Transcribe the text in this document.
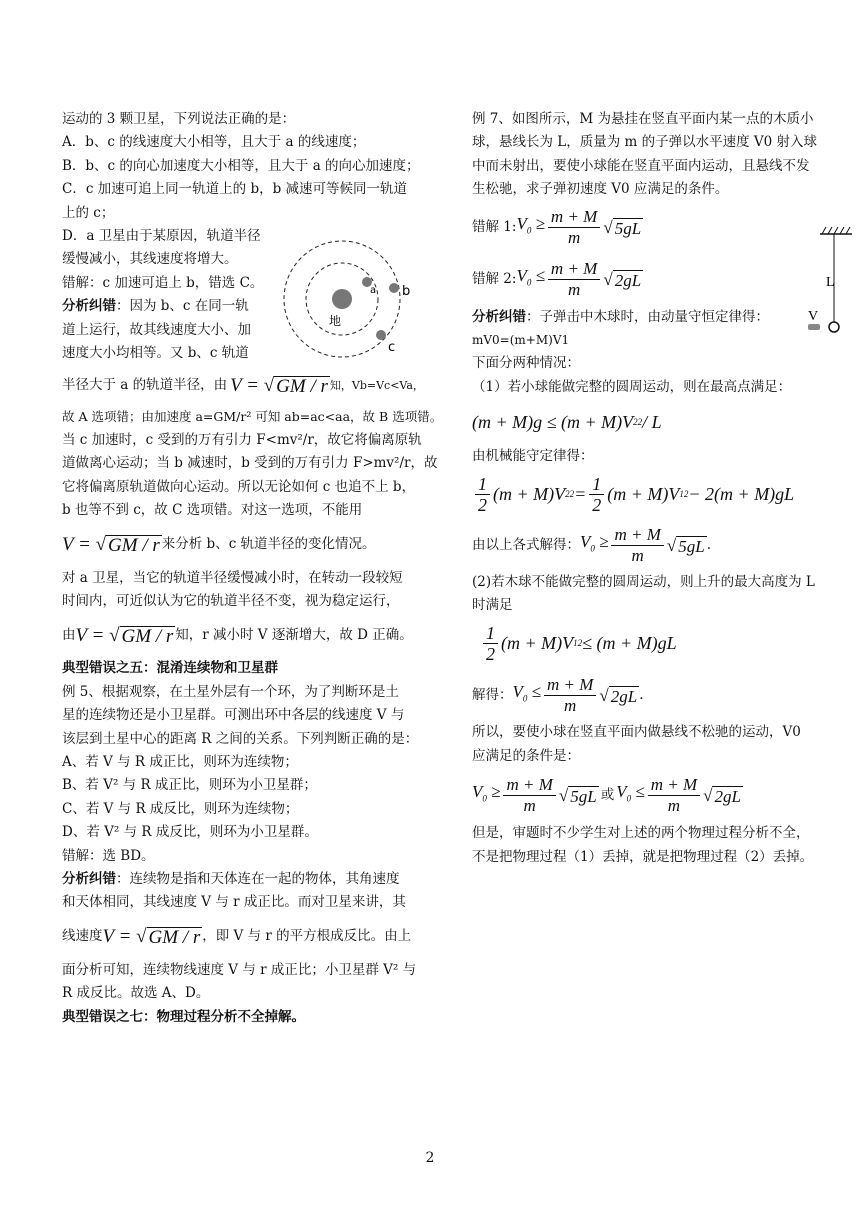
运动的 3 颗卫星，下列说法正确的是：
A．b、c 的线速度大小相等，且大于 a 的线速度；
B．b、c 的向心加速度大小相等，且大于 a 的向心加速度；
C．c 加速可追上同一轨道上的 b，b 减速可等候同一轨道
上的 c；
D．a 卫星由于某原因，轨道半径
缓慢减小，其线速度将增大。
错解：c 加速可追上 b，错选 C。
分析纠错：因为 b、c 在同一轨
道上运行，故其线速度大小、加
速度大小均相等。又 b、c 轨道
半径大于 a 的轨道半径，由 V = √ GM / r 知，Vb=Vc<Va，
故 A 选项错；由加速度 a=GM/r² 可知 ab=ac<aa，故 B 选项错。
当 c 加速时，c 受到的万有引力 F<mv²/r，故它将偏离原轨
道做离心运动；当 b 减速时，b 受到的万有引力 F>mv²/r，故
它将偏离原轨道做向心运动。所以无论如何 c 也追不上 b，
b 也等不到 c，故 C 选项错。对这一选项，不能用
V = √ GM / r 来分析 b、c 轨道半径的变化情况。
对 a 卫星，当它的轨道半径缓慢减小时，在转动一段较短
时间内，可近似认为它的轨道半径不变，视为稳定运行，
由 V = √ GM / r 知，r 减小时 V 逐渐增大，故 D 正确。
典型错误之五：混淆连续物和卫星群
例 5、根据观察，在土星外层有一个环，为了判断环是土
星的连续物还是小卫星群。可测出环中各层的线速度 V 与
该层到土星中心的距离 R 之间的关系。下列判断正确的是：
A、若 V 与 R 成正比，则环为连续物；
B、若 V² 与 R 成正比，则环为小卫星群；
C、若 V 与 R 成反比，则环为连续物；
D、若 V² 与 R 成反比，则环为小卫星群。
错解：选 BD。
分析纠错：连续物是指和天体连在一起的物体，其角速度
和天体相同，其线速度 V 与 r 成正比。而对卫星来讲，其
线速度 V = √ GM / r ，即 V 与 r 的平方根成反比。由上
面分析可知，连续物线速度 V 与 r 成正比；小卫星群 V² 与
R 成反比。故选 A、D。
典型错误之七：物理过程分析不全掉解。
地
a b
c
例 7、如图所示，M 为悬挂在竖直平面内某一点的木质小
球，悬线长为 L，质量为 m 的子弹以水平速度 V0 射入球
中而未射出，要使小球能在竖直平面内运动，且悬线不发
生松驰，求子弹初速度 V0 应满足的条件。
错解 1: $V_0 \ge \frac{m + M}{m}$ √ 5gL
错解 2: $V_0 \le \frac{m + M}{m}$ √ 2gL
分析纠错：子弹击中木球时，由动量守恒定律得：
mV0=(m+M)V1
下面分两种情况：
（1）若小球能做完整的圆周运动，则在最高点满足：
(m + M)g ≤ (m + M)V 2 2 / L
由机械能守定律得：
$\frac{1}{2} (m + M)V$ 2 $2 = \frac{1}{2} (m + M)V$ 1 2 − 2(m + M)gL
由以上各式解得： $V_0 \ge \frac{m + M}{m}$ √ 5gL .
(2)若木球不能做完整的圆周运动，则上升的最大高度为 L
时满足
$\frac{1}{2} (m + M)V$ 1 2 ≤ (m + M)gL
解得： $V_0 \le \frac{m + M}{m}$ √ 2gL .
所以，要使小球在竖直平面内做悬线不松驰的运动，V0
应满足的条件是：
$V_0 \ge \frac{m + M}{m}$ √ 5gL 或 $V_0 \le \frac{m + M}{m}$ √ 2gL
但是，审题时不少学生对上述的两个物理过程分析不全，
不是把物理过程（1）丢掉，就是把物理过程（2）丢掉。
L
V
2
